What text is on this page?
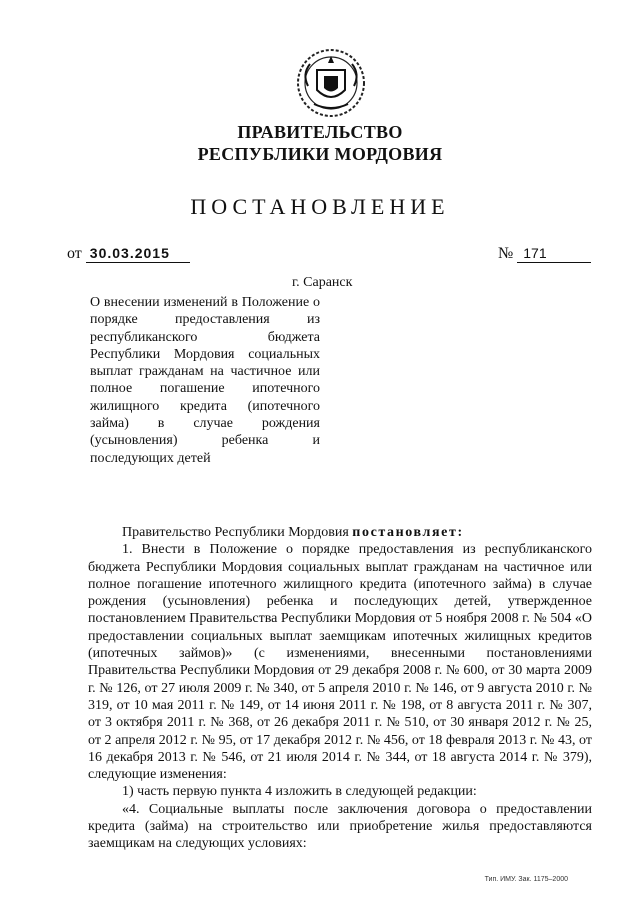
ПРАВИТЕЛЬСТВО
РЕСПУБЛИКИ МОРДОВИЯ
ПОСТАНОВЛЕНИЕ
от 30.03.2015	№ 171
г. Саранск
О внесении изменений в Положение о порядке предоставления из республиканского бюджета Республики Мордовия социальных выплат гражданам на частичное или полное погашение ипотечного жилищного кредита (ипотечного займа) в случае рождения (усыновления) ребенка и последующих детей

Правительство Республики Мордовия постановляет:

1. Внести в Положение о порядке предоставления из республиканского бюджета Республики Мордовия социальных выплат гражданам на частичное или полное погашение ипотечного жилищного кредита (ипотечного займа) в случае рождения (усыновления) ребенка и последующих детей, утвержденное постановлением Правительства Республики Мордовия от 5 ноября 2008 г. № 504 «О предоставлении социальных выплат заемщикам ипотечных жилищных кредитов (ипотечных займов)» (с изменениями, внесенными постановлениями Правительства Республики Мордовия от 29 декабря 2008 г. № 600, от 30 марта 2009 г. № 126, от 27 июля 2009 г. № 340, от 5 апреля 2010 г. № 146, от 9 августа 2010 г. № 319, от 10 мая 2011 г. № 149, от 14 июня 2011 г. № 198, от 8 августа 2011 г. № 307, от 3 октября 2011 г. № 368, от 26 декабря 2011 г. № 510, от 30 января 2012 г. № 25, от 2 апреля 2012 г. № 95, от 17 декабря 2012 г. № 456, от 18 февраля 2013 г. № 43, от 16 декабря 2013 г. № 546, от 21 июля 2014 г. № 344, от 18 августа 2014 г. № 379), следующие изменения:

1) часть первую пункта 4 изложить в следующей редакции:

«4. Социальные выплаты после заключения договора о предоставлении кредита (займа) на строительство или приобретение жилья предоставляются заемщикам на следующих условиях:

Тип. ИМУ. Зак. 1175–2000
